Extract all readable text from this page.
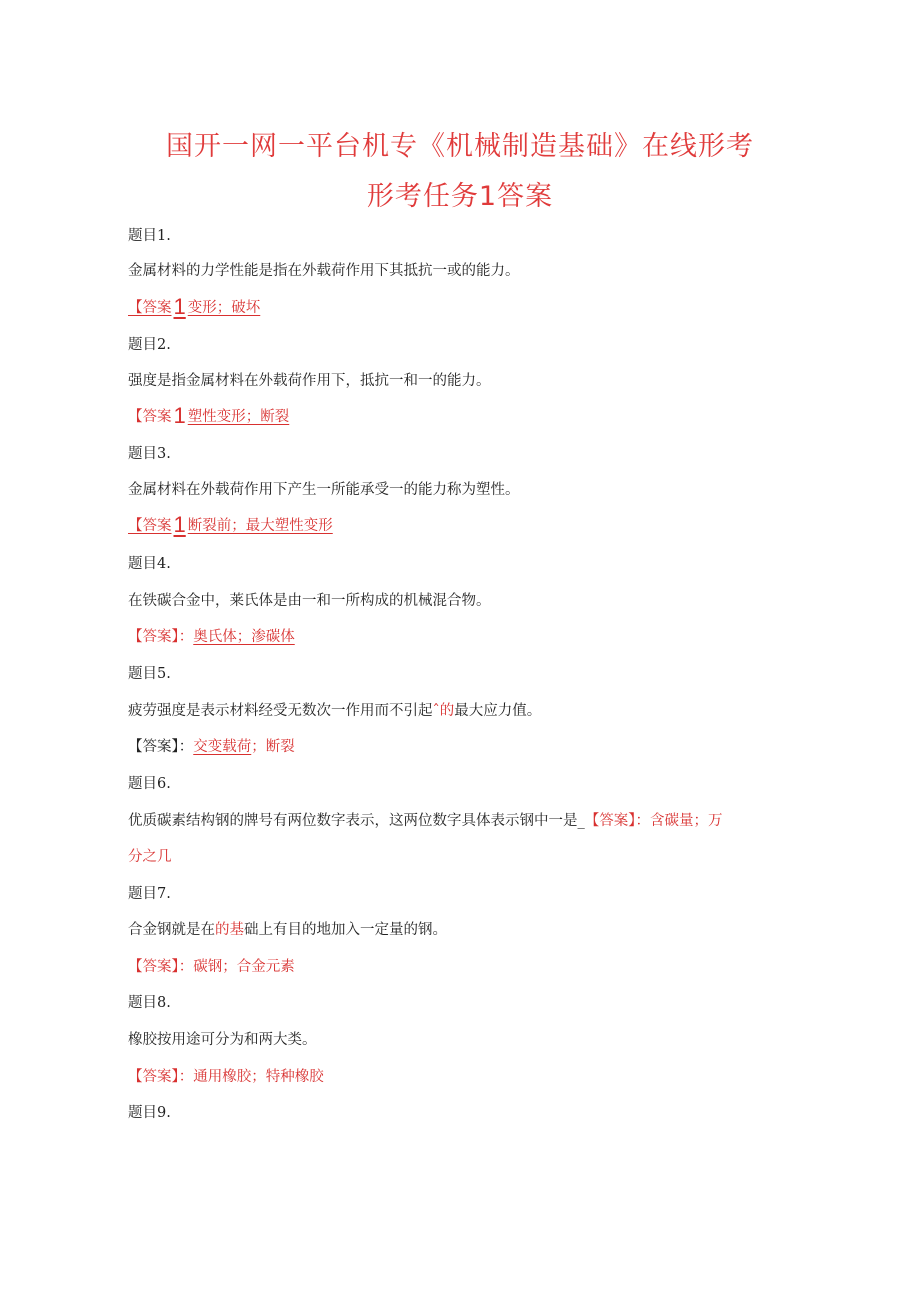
国开一网一平台机专《机械制造基础》在线形考
形考任务1答案
题目1.
金属材料的力学性能是指在外载荷作用下其抵抗一或的能力。
【答案1 变形；破坏
题目2.
强度是指金属材料在外载荷作用下，抵抗一和一的能力。
【答案1 塑性变形；断裂
题目3.
金属材料在外载荷作用下产生一所能承受一的能力称为塑性。
【答案1 断裂前；最大塑性变形
题目4.
在铁碳合金中，莱氏体是由一和一所构成的机械混合物。
【答案】：奥氏体；渗碳体
题目5.
疲劳强度是表示材料经受无数次一作用而不引起ˆ的最大应力值。
【答案】：交变载荷；断裂
题目6.
优质碳素结构钢的牌号有两位数字表示，这两位数字具体表示钢中一是_【答案】：含碳量；万
分之几
题目7.
合金钢就是在的基础上有目的地加入一定量的钢。
【答案】：碳钢；合金元素
题目8.
橡胶按用途可分为和两大类。
【答案】：通用橡胶；特种橡胶
题目9.
